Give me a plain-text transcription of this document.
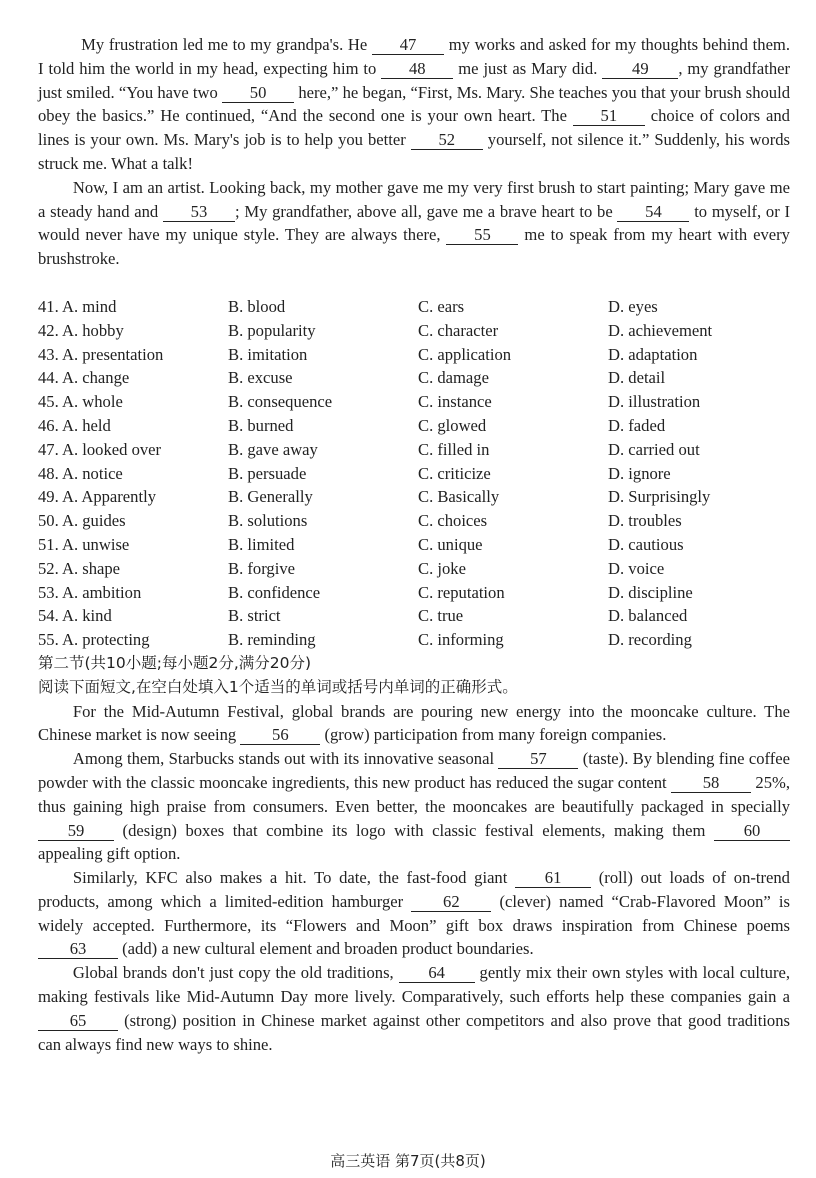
My frustration led me to my grandpa's. He 47 my works and asked for my thoughts behind them. I told him the world in my head, expecting him to 48 me just as Mary did. 49 , my grandfather just smiled. “You have two 50 here,” he began, “First, Ms. Mary. She teaches you that your brush should obey the basics.” He continued, “And the second one is your own heart. The 51 choice of colors and lines is your own. Ms. Mary's job is to help you better 52 yourself, not silence it.” Suddenly, his words struck me. What a talk!

Now, I am an artist. Looking back, my mother gave me my very first brush to start painting; Mary gave me a steady hand and 53 ; My grandfather, above all, gave me a brave heart to be 54 to myself, or I would never have my unique style. They are always there, 55 me to speak from my heart with every brushstroke.

41. A. mind	B. blood	C. ears	D. eyes
42. A. hobby	B. popularity	C. character	D. achievement
43. A. presentation	B. imitation	C. application	D. adaptation
44. A. change	B. excuse	C. damage	D. detail
45. A. whole	B. consequence	C. instance	D. illustration
46. A. held	B. burned	C. glowed	D. faded
47. A. looked over	B. gave away	C. filled in	D. carried out
48. A. notice	B. persuade	C. criticize	D. ignore
49. A. Apparently	B. Generally	C. Basically	D. Surprisingly
50. A. guides	B. solutions	C. choices	D. troubles
51. A. unwise	B. limited	C. unique	D. cautious
52. A. shape	B. forgive	C. joke	D. voice
53. A. ambition	B. confidence	C. reputation	D. discipline
54. A. kind	B. strict	C. true	D. balanced
55. A. protecting	B. reminding	C. informing	D. recording
第二节(共10小题;每小题2分,满分20分)
阅读下面短文,在空白处填入1个适当的单词或括号内单词的正确形式。

For the Mid-Autumn Festival, global brands are pouring new energy into the mooncake culture. The Chinese market is now seeing 56 (grow) participation from many foreign companies.

Among them, Starbucks stands out with its innovative seasonal 57 (taste). By blending fine coffee powder with the classic mooncake ingredients, this new product has reduced the sugar content 58 25%, thus gaining high praise from consumers. Even better, the mooncakes are beautifully packaged in specially 59 (design) boxes that combine its logo with classic festival elements, making them 60 appealing gift option.

Similarly, KFC also makes a hit. To date, the fast-food giant 61 (roll) out loads of on-trend products, among which a limited-edition hamburger 62 (clever) named “Crab-Flavored Moon” is widely accepted. Furthermore, its “Flowers and Moon” gift box draws inspiration from Chinese poems 63 (add) a new cultural element and broaden product boundaries.

Global brands don't just copy the old traditions, 64 gently mix their own styles with local culture, making festivals like Mid-Autumn Day more lively. Comparatively, such efforts help these companies gain a 65 (strong) position in Chinese market against other competitors and also prove that good traditions can always find new ways to shine.

高三英语 第7页(共8页)
